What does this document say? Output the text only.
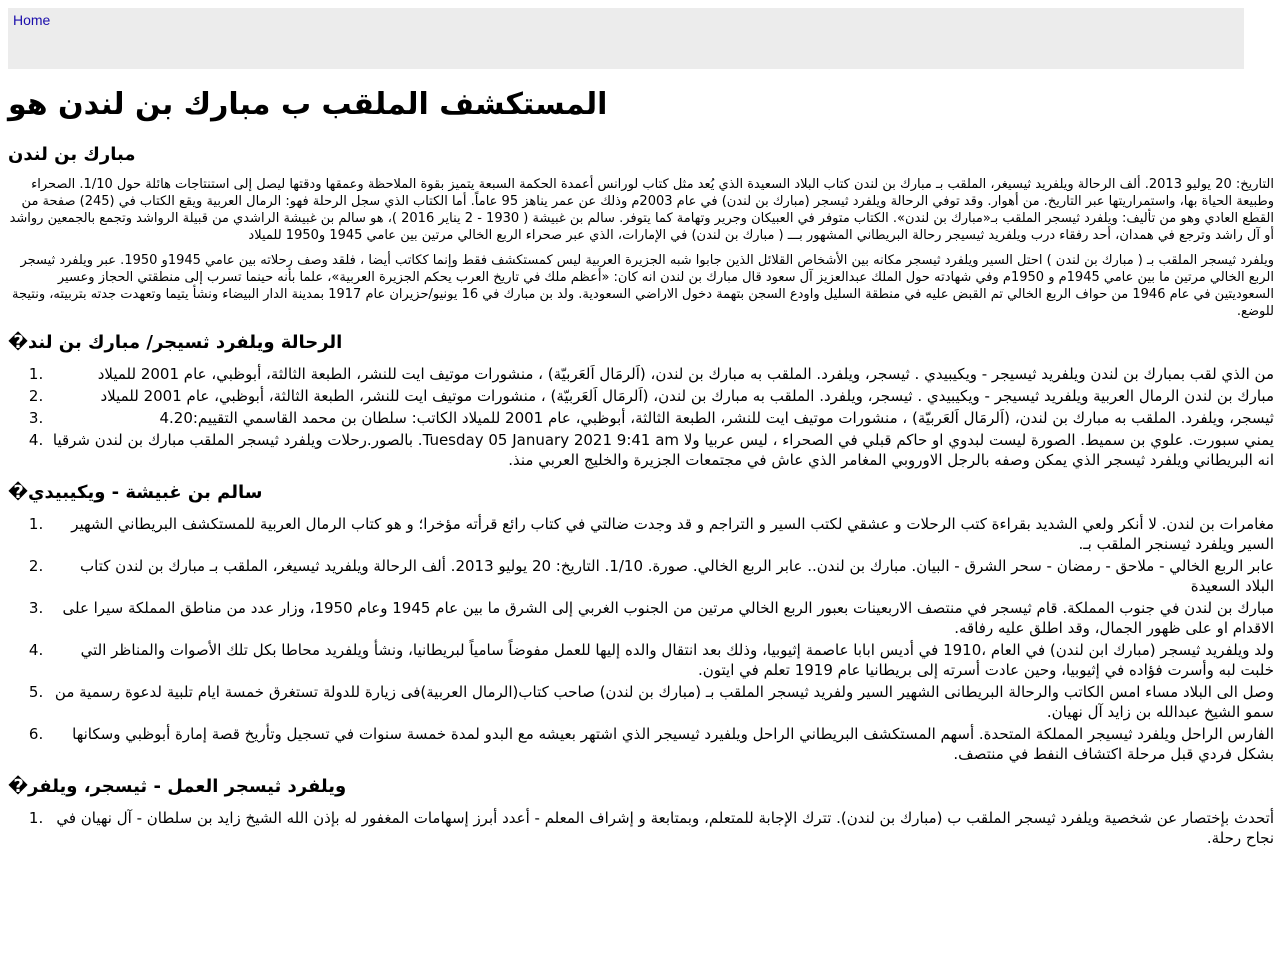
Home
المستكشف الملقب ب مبارك بن لندن هو
مبارك بن لندن

التاريخ: 20 يوليو 2013. ألف الرحالة ويلفريد ثيسيغر، الملقب بـ مبارك بن لندن كتاب البلاد السعيدة الذي يُعد مثل كتاب لورانس أعمدة الحكمة السبعة يتميز بقوة الملاحظة وعمقها ودقتها ليصل إلى استنتاجات هائلة حول 1/10. الصحراء وطبيعة الحياة بها، واستمراريتها عبر التاريخ. من أهوار. وقد توفي الرحالة ويلفرد ثيسجر (مبارك بن لندن) في عام 2003م وذلك عن عمر يناهز 95 عاماً. أما الكتاب الذي سجل الرحلة فهو: الرمال العربية ويقع الكتاب في (245) صفحة من القطع العادي وهو من تأليف: ويلفرد ثيسجر الملقب بـ«مبارك بن لندن». الكتاب متوفر في العبيكان وجرير وتهامة كما يتوفر. سالم بن غبيشة ( 1930 - 2 يناير 2016 )، هو سالم بن غبيشة الراشدي من قبيلة الرواشد وتجمع بالجمعين رواشد أو آل راشد وترجع في همدان، أحد رفقاء درب ويلفريد ثيسيجر رحالة البريطاني المشهور بـــ ( مبارك بن لندن) في الإمارات، الذي عبر صحراء الربع الخالي مرتين بين عامي 1945 و1950 للميلاد

ويلفرد ثيسجر الملقب بـ ( مبارك بن لندن ) احتل السير ويلفرد ثيسجر مكانه بين الأشخاص القلائل الذين جابوا شبه الجزيرة العربية ليس كمستكشف فقط وإنما ككاتب أيضا ، فلقد وصف رحلاته بين عامي 1945و 1950. عبر ويلفرد ثيسجر الربع الخالي مرتين ما بين عامي 1945م و 1950م وفي شهادته حول الملك عبدالعزيز آل سعود قال مبارك بن لندن انه كان: «أعظم ملك في تاريخ العرب يحكم الجزيرة العربية»، علما بأنه حينما تسرب إلى منطقتي الحجاز وعسير السعوديتين في عام 1946 من حواف الربع الخالي تم القبض عليه في منطقة السليل واودع السجن بتهمة دخول الاراضي السعودية. ولد بن مبارك في 16 يونيو/حزيران عام 1917 بمدينة الدار البيضاء ونشأ يتيما وتعهدت جدته بتربيته، ونتيجة للوضع.

الرحالة ويلفرد ثسيجر/ مبارك بن لند�
1. من الذي لقب بمبارك بن لندن ويلفريد ثيسيجر - ويكيبيدي . ثيسجر، ويلفرد. الملقب به مبارك بن لندن، (اَلرمَال اَلعَربيّة) ، منشورات موتيف ايت للنشر، الطبعة الثالثة، أبوظبي، عام 2001 للميلاد
2. مبارك بن لندن الرمال العربية ويلفريد ثيسيجر - ويكيبيدي . ثيسجر، ويلفرد. الملقب به مبارك بن لندن، (اَلرمَال اَلعَربيّة) ، منشورات موتيف ايت للنشر، الطبعة الثالثة، أبوظبي، عام 2001 للميلاد
3. ثيسجر، ويلفرد. الملقب به مبارك بن لندن، (اَلرمَال اَلعَربيّة) ، منشورات موتيف ايت للنشر، الطبعة الثالثة، أبوظبي، عام 2001 للميلاد الكاتب: سلطان بن محمد القاسمي التقييم:4.20
4. يمني سبورت. علوي بن سميط. الصورة ليست لبدوي او حاكم قبلي في الصحراء ، ليس عربيا ولا Tuesday 05 January 2021 9:41 am. بالصور.رحلات ويلفرد ثيسجر الملقب مبارك بن لندن شرقيا انه البريطاني ويلفرد ثيسجر الذي يمكن وصفه بالرجل الاوروبي المغامر الذي عاش في مجتمعات الجزيرة والخليج العربي منذ.
سالم بن غبيشة - ويكيبيدي�
1. مغامرات بن لندن. لا أنكر ولعي الشديد بقراءة كتب الرحلات و عشقي لكتب السير و التراجم و قد وجدت ضالتي في كتاب رائع قرأته مؤخرا؛ و هو كتاب الرمال العربية للمستكشف البريطاني الشهير السير ويلفرد ثيسنجر الملقب بـ.
2. عابر الربع الخالي - ملاحق - رمضان - سحر الشرق - البيان. مبارك بن لندن.. عابر الربع الخالي. صورة. 1/10. التاريخ: 20 يوليو 2013. ألف الرحالة ويلفريد ثيسيغر، الملقب بـ مبارك بن لندن كتاب البلاد السعيدة
3. مبارك بن لندن في جنوب المملكة. قام ثيسجر في منتصف الاربعينات بعبور الربع الخالي مرتين من الجنوب الغربي إلى الشرق ما بين عام 1945 وعام 1950، وزار عدد من مناطق المملكة سيرا على الاقدام او على ظهور الجمال، وقد اطلق عليه رفاقه.
4. ولد ويلفريد ثيسجر (مبارك ابن لندن) في العام ،1910 في أديس ابابا عاصمة إثيوبيا، وذلك بعد انتقال والده إليها للعمل مفوضاً سامياً لبريطانيا، ونشأ ويلفريد محاطا بكل تلك الأصوات والمناظر التي خلبت لبه وأسرت فؤاده في إثيوبيا، وحين عادت أسرته إلى بريطانيا عام 1919 تعلم في ايتون.
5. وصل الى البلاد مساء امس الكاتب والرحالة البريطانى الشهير السير ولفريد ثيسجر الملقب بـ (مبارك بن لندن) صاحب كتاب(الرمال العربية)فى زيارة للدولة تستغرق خمسة ايام تلبية لدعوة رسمية من سمو الشيخ عبدالله بن زايد آل نهيان.
6. الفارس الراحل ويلفرد ثيسيجر المملكة المتحدة. أسهم المستكشف البريطاني الراحل ويلفيرد ثيسيجر الذي اشتهر بعيشه مع البدو لمدة خمسة سنوات في تسجيل وتأريخ قصة إمارة أبوظبي وسكانها بشكل فردي قبل مرحلة اكتشاف النفط في منتصف.
ويلفرد ثيسجر العمل - ثيسجر، ويلفر�
1. أتحدث بإختصار عن شخصية ويلفرد ثيسجر الملقب ب (مبارك بن لندن). تترك الإجابة للمتعلم، وبمتابعة و إشراف المعلم - أعدد أبرز إسهامات المغفور له بإذن الله الشيخ زايد بن سلطان - آل نهيان في نجاح رحلة.
